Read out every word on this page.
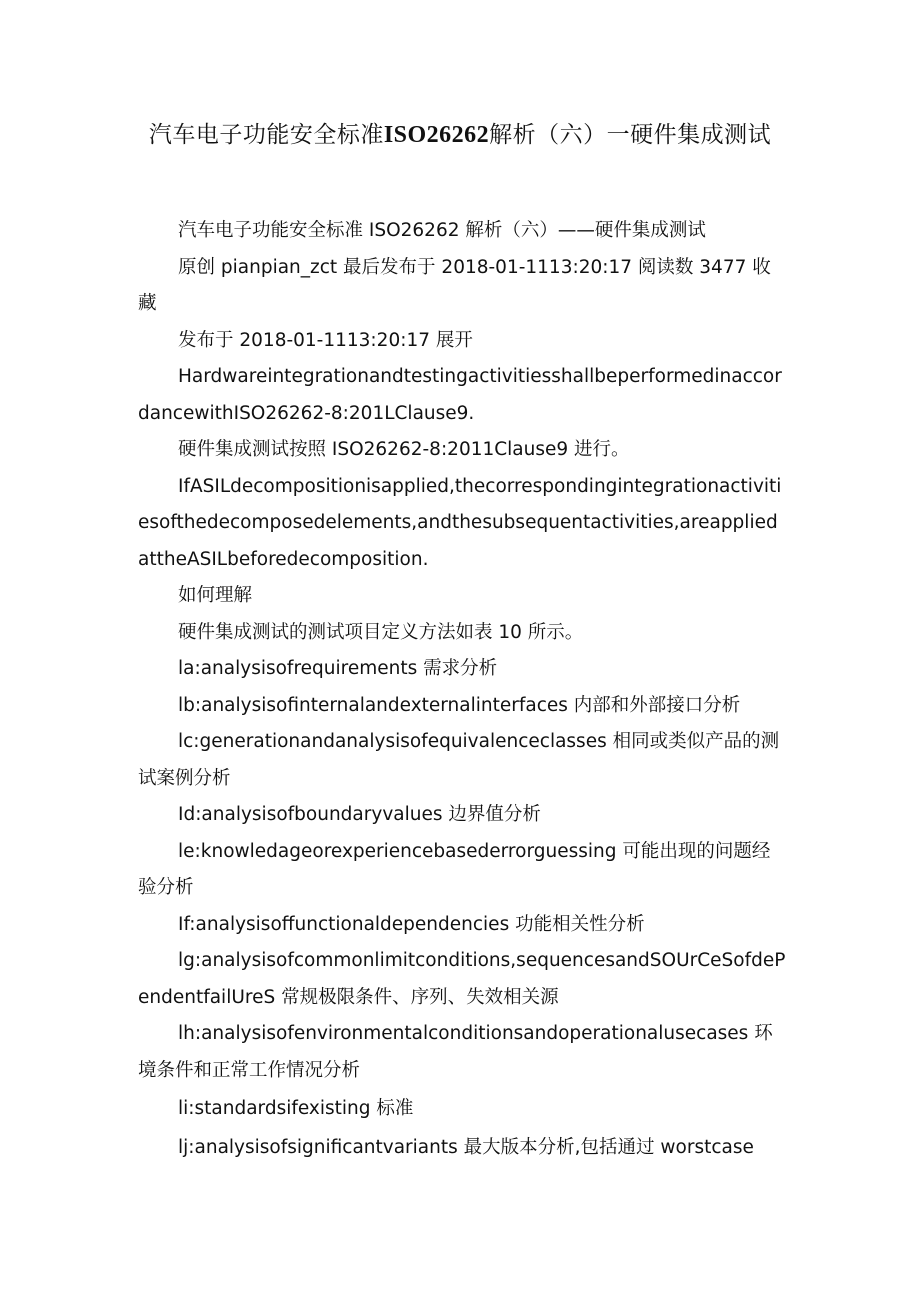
汽车电子功能安全标准ISO26262解析（六）一硬件集成测试

汽车电子功能安全标准 ISO26262 解析（六）——硬件集成测试

原创 pianpian_zct 最后发布于 2018-01-1113:20:17 阅读数 3477 收藏

发布于 2018-01-1113:20:17 展开

HardwareintegrationandtestingactivitiesshallbeperformedinaccordancewithISO26262-8:201LClause9.

硬件集成测试按照 ISO26262-8:2011Clause9 进行。

IfASILdecompositionisapplied,thecorrespondingintegrationactivitiesofthedecomposedelements,andthesubsequentactivities,areappliedattheASILbeforedecomposition.

如何理解

硬件集成测试的测试项目定义方法如表 10 所示。

la:analysisofrequirements 需求分析

lb:analysisofinternalandexternalinterfaces 内部和外部接口分析

lc:generationandanalysisofequivalenceclasses 相同或类似产品的测试案例分析

Id:analysisofboundaryvalues 边界值分析

le:knowledageorexperiencebasederrorguessing 可能出现的问题经验分析

If:analysisoffunctionaldependencies 功能相关性分析

lg:analysisofcommonlimitconditions,sequencesandSOUrCeSofdePendentfailUreS 常规极限条件、序列、失效相关源

lh:analysisofenvironmentalconditionsandoperationalusecases 环境条件和正常工作情况分析

li:standardsifexisting 标准

lj:analysisofsignificantvariants 最大版本分析,包括通过 worstcase
